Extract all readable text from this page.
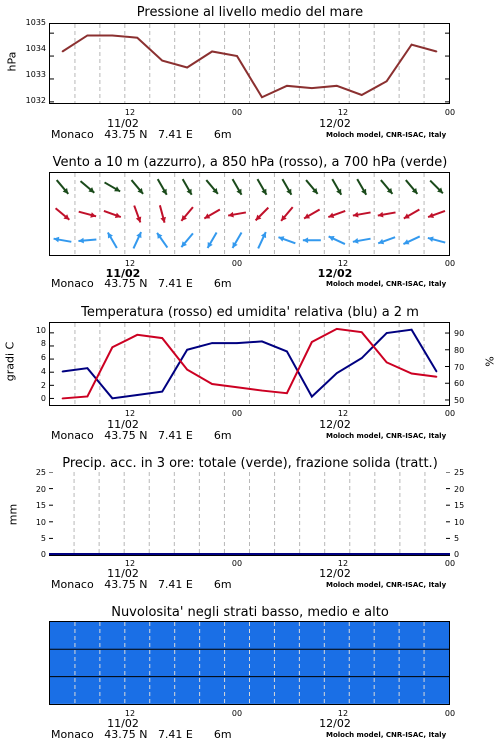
Pressione al livello medio del mare
hPa
1035
1034
1033
1032
12	00	12	00
11/02	12/02
Monaco 43.75 N 7.41 E 6m	Moloch model, CNR-ISAC, Italy
Vento a 10 m (azzurro), a 850 hPa (rosso), a 700 hPa (verde)
12	00	12	00
11/02	12/02
Monaco 43.75 N 7.41 E 6m	Moloch model, CNR-ISAC, Italy
Temperatura (rosso) ed umidita' relativa (blu) a 2 m
gradi C	%
10
8
6
4
2
0
90
80
70
60
50
12	00	12	00
11/02	12/02
Monaco 43.75 N 7.41 E 6m	Moloch model, CNR-ISAC, Italy
Precip. acc. in 3 ore: totale (verde), frazione solida (tratt.)
mm
25
20
15
10
5
0
25
20
15
10
5
0
12	00	12	00
11/02	12/02
Monaco 43.75 N 7.41 E 6m	Moloch model, CNR-ISAC, Italy
Nuvolosita' negli strati basso, medio e alto
12	00	12	00
11/02	12/02
Monaco 43.75 N 7.41 E 6m	Moloch model, CNR-ISAC, Italy
